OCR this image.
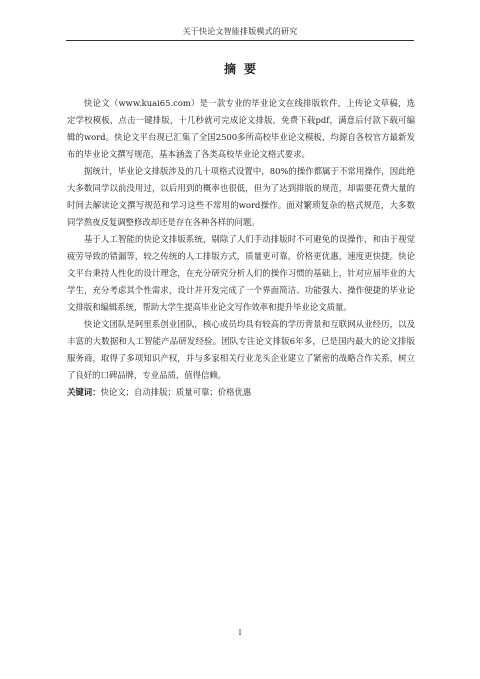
关于快论文智能排版模式的研究
摘要

快论文（www.kuai65.com）是一款专业的毕业论文在线排版软件，上传论文草稿，选定学校模板，点击一键排版，十几秒就可完成论文排版，免费下载pdf，满意后付款下载可编辑的word。快论文平台现已汇集了全国2500多所高校毕业论文模板，均源自各校官方最新发布的毕业论文撰写规范，基本涵盖了各类高校毕业论文格式要求。

据统计，毕业论文排版涉及的几十项格式设置中，80%的操作都属于不常用操作，因此绝大多数同学以前没用过，以后用到的概率也很低，但为了达到排版的规范，却需要花费大量的时间去解读论文撰写规范和学习这些不常用的word操作。面对繁琐复杂的格式规范，大多数同学熬夜反复调整修改却还是存在各种各样的问题。

基于人工智能的快论文排版系统，剔除了人们手动排版时不可避免的误操作，和由于视觉疲劳导致的错漏等，较之传统的人工排版方式，质量更可靠，价格更优惠，速度更快捷。快论文平台秉持人性化的设计理念，在充分研究分析人们的操作习惯的基础上，针对应届毕业的大学生，充分考虑其个性需求，设计并开发完成了一个界面简洁、功能强大、操作便捷的毕业论文排版和编辑系统，帮助大学生提高毕业论文写作效率和提升毕业论文质量。

快论文团队是阿里系创业团队，核心成员均具有较高的学历背景和互联网从业经历，以及丰富的大数据和人工智能产品研发经验。团队专注论文排版6年多，已是国内最大的论文排版服务商，取得了多项知识产权，并与多家相关行业龙头企业建立了紧密的战略合作关系，树立了良好的口碑品牌，专业品质，值得信赖。

关键词：快论文；自动排版；质量可靠；价格优惠

I
